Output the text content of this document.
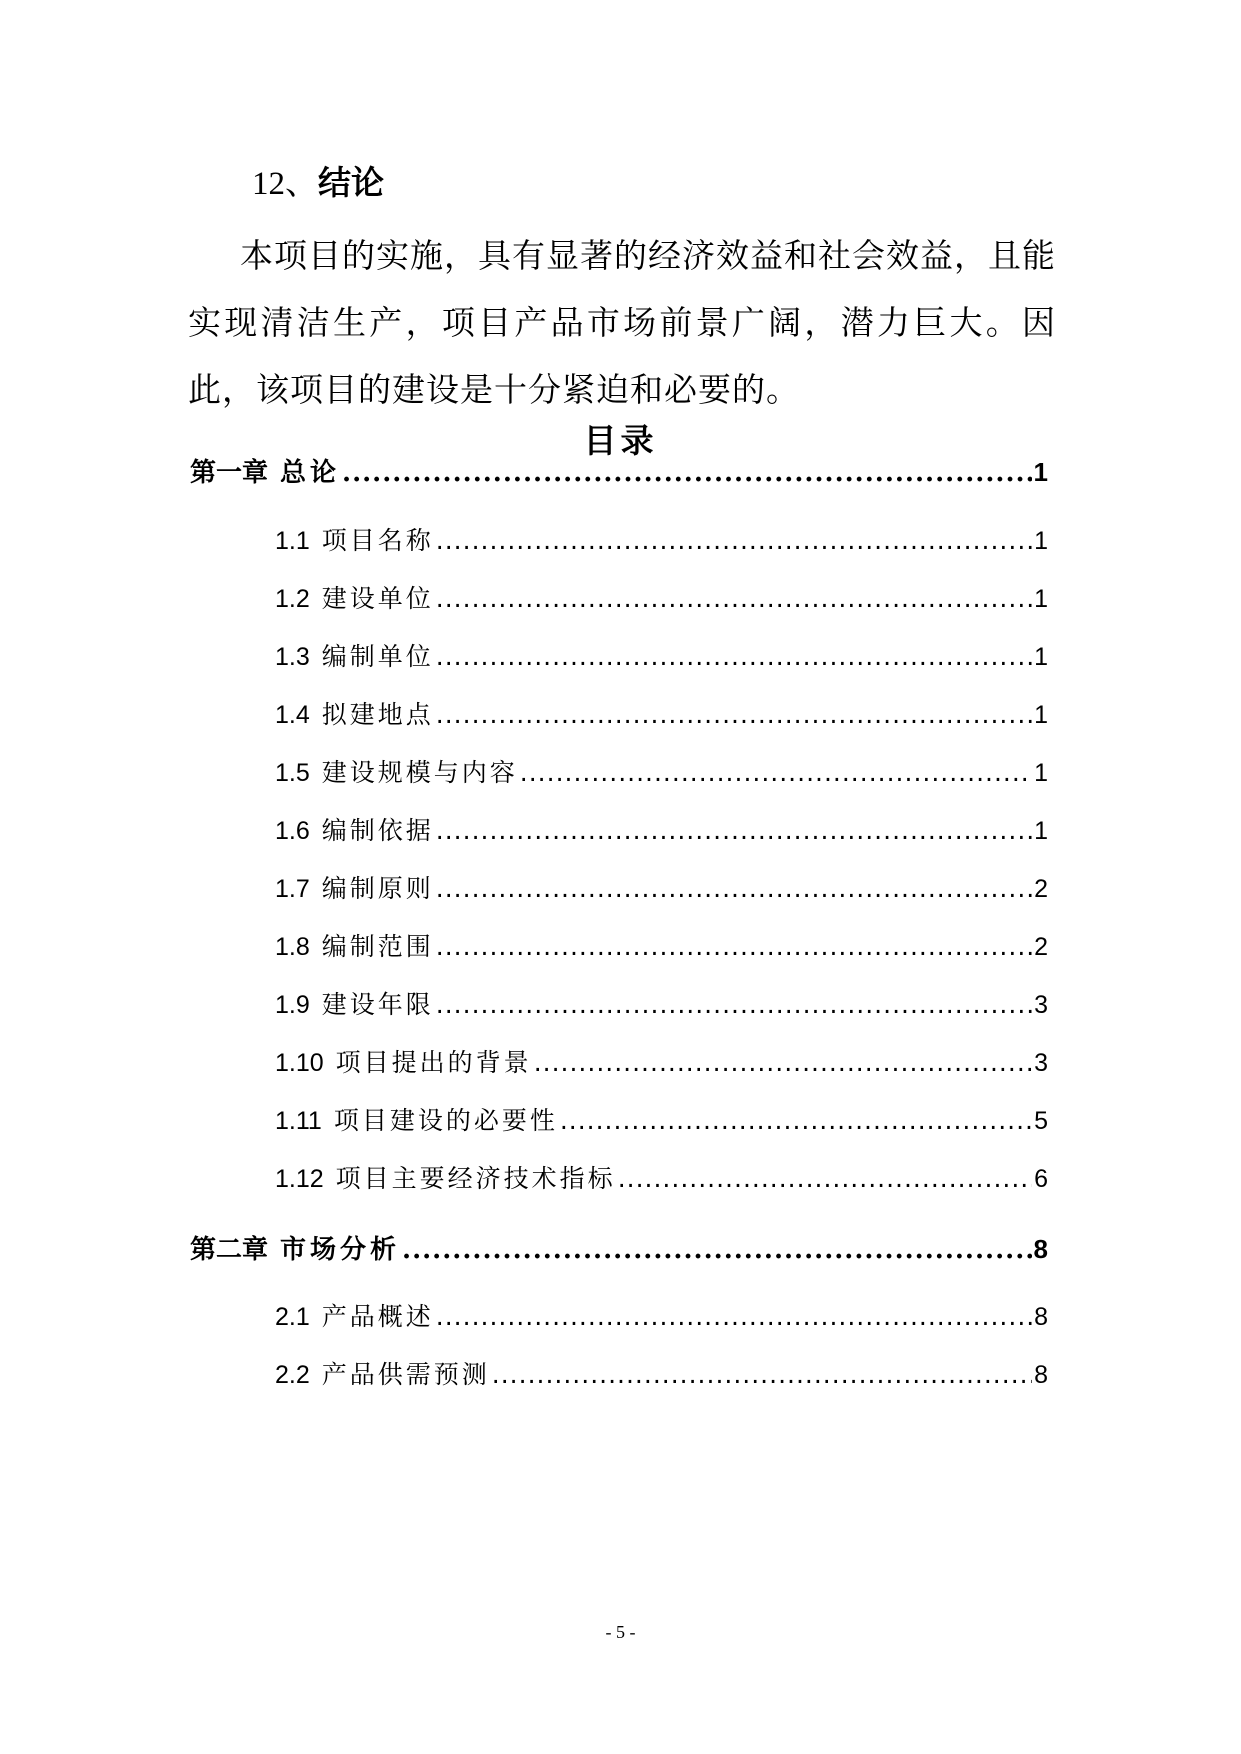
12、结论
本项目的实施，具有显著的经济效益和社会效益，且能实现清洁生产，项目产品市场前景广阔，潜力巨大。因此，该项目的建设是十分紧迫和必要的。
目录
第一章 总论 .....	1
1.1 项目名称 .....	1
1.2 建设单位 .....	1
1.3 编制单位 .....	1
1.4 拟建地点 .....	1
1.5 建设规模与内容 .....	1
1.6 编制依据 .....	1
1.7 编制原则 .....	2
1.8 编制范围 .....	2
1.9 建设年限 .....	3
1.10 项目提出的背景 .....	3
1.11 项目建设的必要性 .....	5
1.12 项目主要经济技术指标 .....	6
第二章 市场分析 .....	8
2.1 产品概述 .....	8
2.2 产品供需预测 .....	8
- 5 -
